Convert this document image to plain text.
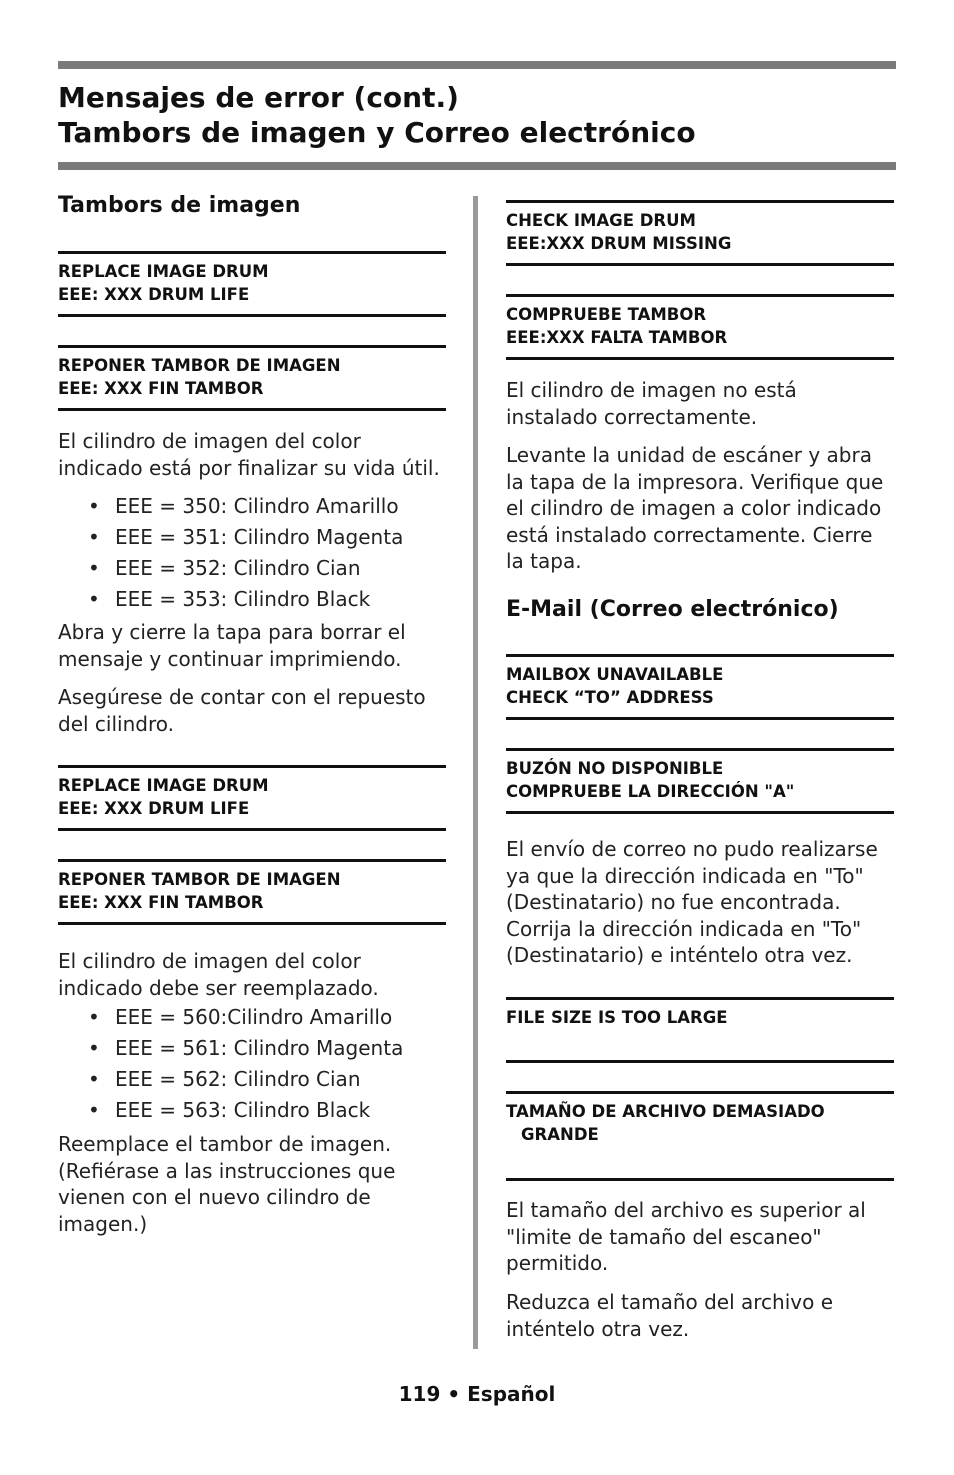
Mensajes de error (cont.)
Tambors de imagen y Correo electrónico
Tambors de imagen
REPLACE IMAGE DRUM
EEE: XXX DRUM LIFE
REPONER TAMBOR DE IMAGEN
EEE: XXX FIN TAMBOR
El cilindro de imagen del color
indicado está por finalizar su vida útil.
• EEE = 350: Cilindro Amarillo
• EEE = 351: Cilindro Magenta
• EEE = 352: Cilindro Cian
• EEE = 353: Cilindro Black
Abra y cierre la tapa para borrar el
mensaje y continuar imprimiendo.
Asegúrese de contar con el repuesto
del cilindro.
REPLACE IMAGE DRUM
EEE: XXX DRUM LIFE
REPONER TAMBOR DE IMAGEN
EEE: XXX FIN TAMBOR
El cilindro de imagen del color
indicado debe ser reemplazado.
• EEE = 560:Cilindro Amarillo
• EEE = 561: Cilindro Magenta
• EEE = 562: Cilindro Cian
• EEE = 563: Cilindro Black
Reemplace el tambor de imagen.
(Refiérase a las instrucciones que
vienen con el nuevo cilindro de
imagen.)
CHECK IMAGE DRUM
EEE:XXX DRUM MISSING
COMPRUEBE TAMBOR
EEE:XXX FALTA TAMBOR
El cilindro de imagen no está
instalado correctamente.
Levante la unidad de escáner y abra
la tapa de la impresora. Verifique que
el cilindro de imagen a color indicado
está instalado correctamente. Cierre
la tapa.
E-Mail (Correo electrónico)
MAILBOX UNAVAILABLE
CHECK “TO” ADDRESS
BUZÓN NO DISPONIBLE
COMPRUEBE LA DIRECCIÓN "A"
El envío de correo no pudo realizarse
ya que la dirección indicada en "To"
(Destinatario) no fue encontrada.
Corrija la dirección indicada en "To"
(Destinatario) e inténtelo otra vez.
FILE SIZE IS TOO LARGE
TAMAÑO DE ARCHIVO DEMASIADO
GRANDE
El tamaño del archivo es superior al
"limite de tamaño del escaneo"
permitido.
Reduzca el tamaño del archivo e
inténtelo otra vez.
119 • Español
